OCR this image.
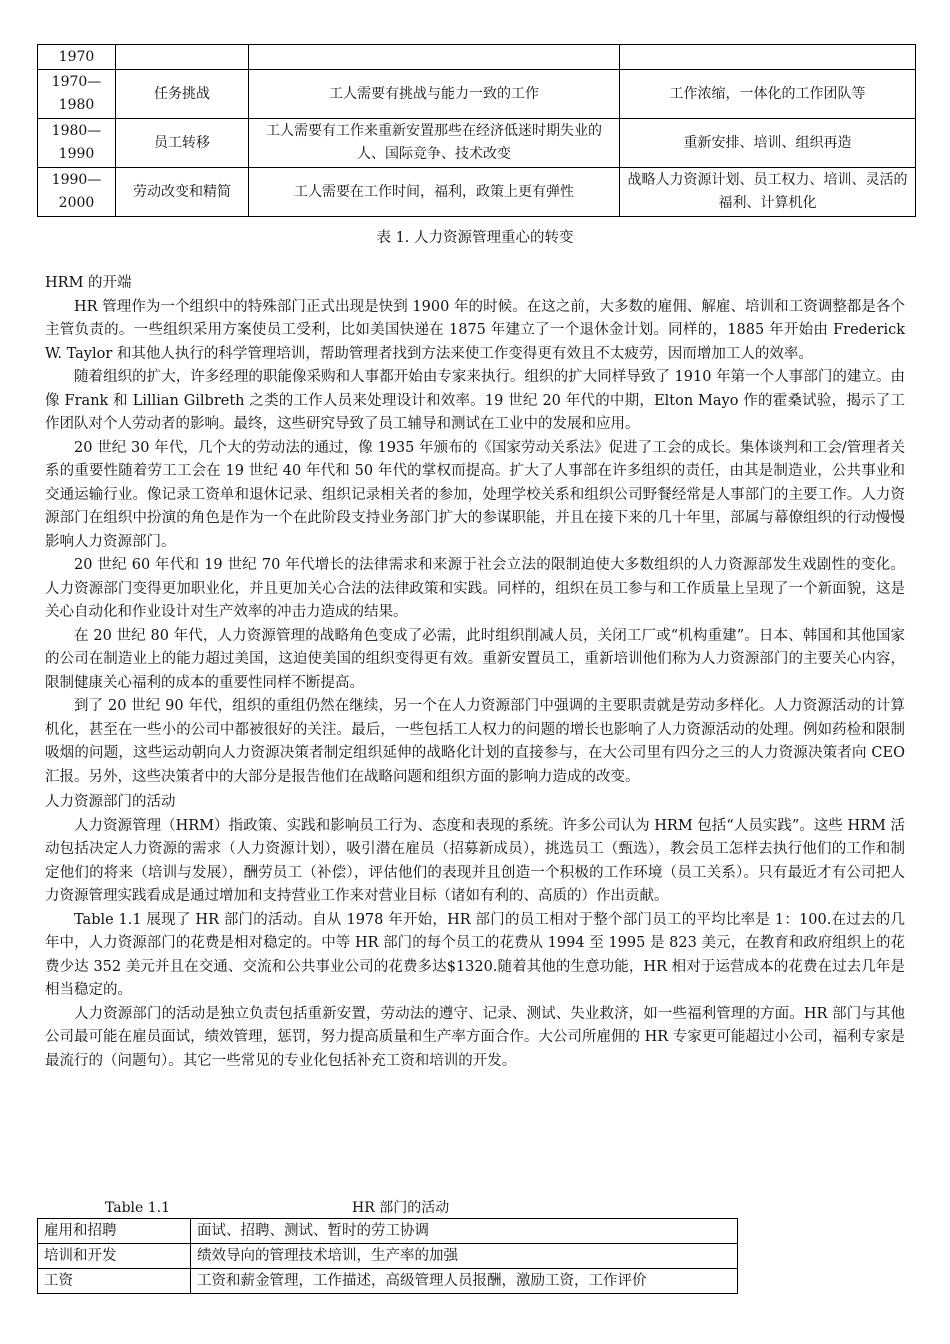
1970			
1970—1980	任务挑战	工人需要有挑战与能力一致的工作	工作浓缩，一体化的工作团队等
1980—1990	员工转移	工人需要有工作来重新安置那些在经济低迷时期失业的人、国际竞争、技术改变	重新安排、培训、组织再造
1990—2000	劳动改变和精简	工人需要在工作时间，福利，政策上更有弹性	战略人力资源计划、员工权力、培训、灵活的福利、计算机化
表 1. 人力资源管理重心的转变

HRM 的开端

HR 管理作为一个组织中的特殊部门正式出现是快到 1900 年的时候。在这之前，大多数的雇佣、解雇、培训和工资调整都是各个主管负责的。一些组织采用方案使员工受利，比如美国快递在 1875 年建立了一个退休金计划。同样的，1885 年开始由 Frederick W. Taylor 和其他人执行的科学管理培训，帮助管理者找到方法来使工作变得更有效且不太疲劳，因而增加工人的效率。

随着组织的扩大，许多经理的职能像采购和人事都开始由专家来执行。组织的扩大同样导致了 1910 年第一个人事部门的建立。由像 Frank 和 Lillian Gilbreth 之类的工作人员来处理设计和效率。19 世纪 20 年代的中期，Elton Mayo 作的霍桑试验，揭示了工作团队对个人劳动者的影响。最终，这些研究导致了员工辅导和测试在工业中的发展和应用。

20 世纪 30 年代，几个大的劳动法的通过，像 1935 年颁布的《国家劳动关系法》促进了工会的成长。集体谈判和工会/管理者关系的重要性随着劳工工会在 19 世纪 40 年代和 50 年代的掌权而提高。扩大了人事部在许多组织的责任，由其是制造业，公共事业和交通运输行业。像记录工资单和退休记录、组织记录相关者的参加，处理学校关系和组织公司野餐经常是人事部门的主要工作。人力资源部门在组织中扮演的角色是作为一个在此阶段支持业务部门扩大的参谋职能，并且在接下来的几十年里，部属与幕僚组织的行动慢慢影响人力资源部门。

20 世纪 60 年代和 19 世纪 70 年代增长的法律需求和来源于社会立法的限制迫使大多数组织的人力资源部发生戏剧性的变化。人力资源部门变得更加职业化，并且更加关心合法的法律政策和实践。同样的，组织在员工参与和工作质量上呈现了一个新面貌，这是关心自动化和作业设计对生产效率的冲击力造成的结果。

在 20 世纪 80 年代，人力资源管理的战略角色变成了必需，此时组织削减人员，关闭工厂或“机构重建”。日本、韩国和其他国家的公司在制造业上的能力超过美国，这迫使美国的组织变得更有效。重新安置员工，重新培训他们称为人力资源部门的主要关心内容，限制健康关心福利的成本的重要性同样不断提高。

到了 20 世纪 90 年代，组织的重组仍然在继续，另一个在人力资源部门中强调的主要职责就是劳动多样化。人力资源活动的计算机化，甚至在一些小的公司中都被很好的关注。最后，一些包括工人权力的问题的增长也影响了人力资源活动的处理。例如药检和限制吸烟的问题，这些运动朝向人力资源决策者制定组织延伸的战略化计划的直接参与，在大公司里有四分之三的人力资源决策者向 CEO 汇报。另外，这些决策者中的大部分是报告他们在战略问题和组织方面的影响力造成的改变。

人力资源部门的活动

人力资源管理（HRM）指政策、实践和影响员工行为、态度和表现的系统。许多公司认为 HRM 包括“人员实践”。这些 HRM 活动包括决定人力资源的需求（人力资源计划），吸引潜在雇员（招募新成员），挑选员工（甄选），教会员工怎样去执行他们的工作和制定他们的将来（培训与发展），酬劳员工（补偿），评估他们的表现并且创造一个积极的工作环境（员工关系）。只有最近才有公司把人力资源管理实践看成是通过增加和支持营业工作来对营业目标（诸如有利的、高质的）作出贡献。

Table 1.1 展现了 HR 部门的活动。自从 1978 年开始，HR 部门的员工相对于整个部门员工的平均比率是 1：100.在过去的几年中，人力资源部门的花费是相对稳定的。中等 HR 部门的每个员工的花费从 1994 至 1995 是 823 美元，在教育和政府组织上的花费少达 352 美元并且在交通、交流和公共事业公司的花费多达$1320.随着其他的生意功能，HR 相对于运营成本的花费在过去几年是相当稳定的。

人力资源部门的活动是独立负责包括重新安置，劳动法的遵守、记录、测试、失业救济，如一些福利管理的方面。HR 部门与其他公司最可能在雇员面试，绩效管理，惩罚，努力提高质量和生产率方面合作。大公司所雇佣的 HR 专家更可能超过小公司，福利专家是最流行的（问题句）。其它一些常见的专业化包括补充工资和培训的开发。

Table 1.1	HR 部门的活动
雇用和招聘	面试、招聘、测试、暂时的劳工协调
培训和开发	绩效导向的管理技术培训，生产率的加强
工资	工资和薪金管理，工作描述，高级管理人员报酬，激励工资，工作评价
